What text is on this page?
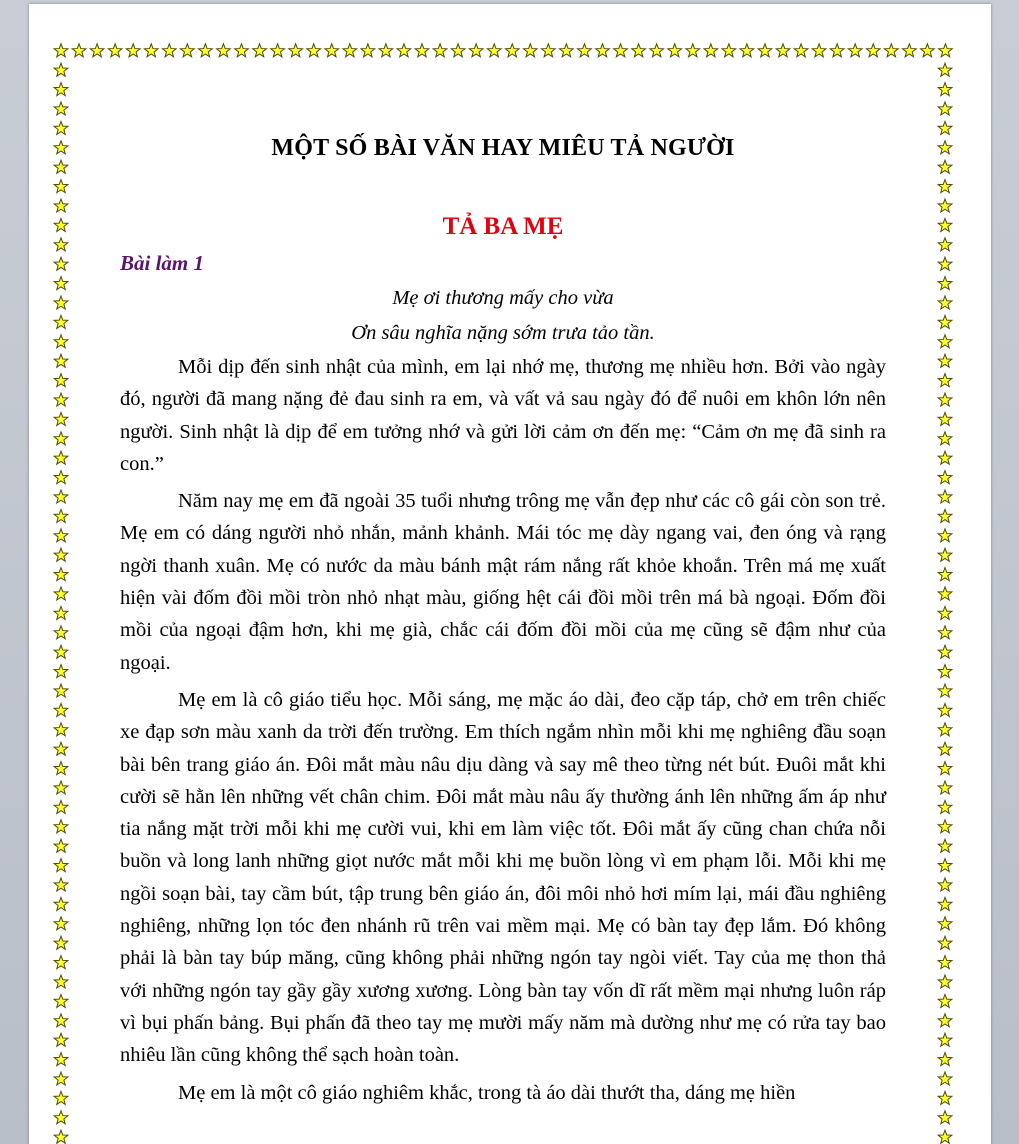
MỘT SỐ BÀI VĂN HAY MIÊU TẢ NGƯỜI
TẢ BA MẸ
Bài làm 1

Mẹ ơi thương mấy cho vừa

Ơn sâu nghĩa nặng sớm trưa tảo tần.

Mỗi dịp đến sinh nhật của mình, em lại nhớ mẹ, thương mẹ nhiều hơn. Bởi vào ngày đó, người đã mang nặng đẻ đau sinh ra em, và vất vả sau ngày đó để nuôi em khôn lớn nên người. Sinh nhật là dịp để em tưởng nhớ và gửi lời cảm ơn đến mẹ: “Cảm ơn mẹ đã sinh ra con.”

Năm nay mẹ em đã ngoài 35 tuổi nhưng trông mẹ vẫn đẹp như các cô gái còn son trẻ. Mẹ em có dáng người nhỏ nhắn, mảnh khảnh. Mái tóc mẹ dày ngang vai, đen óng và rạng ngời thanh xuân. Mẹ có nước da màu bánh mật rám nắng rất khỏe khoắn. Trên má mẹ xuất hiện vài đốm đồi mồi tròn nhỏ nhạt màu, giống hệt cái đồi mồi trên má bà ngoại. Đốm đồi mồi của ngoại đậm hơn, khi mẹ già, chắc cái đốm đồi mồi của mẹ cũng sẽ đậm như của ngoại.

Mẹ em là cô giáo tiểu học. Mỗi sáng, mẹ mặc áo dài, đeo cặp táp, chở em trên chiếc xe đạp sơn màu xanh da trời đến trường. Em thích ngắm nhìn mỗi khi mẹ nghiêng đầu soạn bài bên trang giáo án. Đôi mắt màu nâu dịu dàng và say mê theo từng nét bút. Đuôi mắt khi cười sẽ hằn lên những vết chân chim. Đôi mắt màu nâu ấy thường ánh lên những ấm áp như tia nắng mặt trời mỗi khi mẹ cười vui, khi em làm việc tốt. Đôi mắt ấy cũng chan chứa nỗi buồn và long lanh những giọt nước mắt mỗi khi mẹ buồn lòng vì em phạm lỗi. Mỗi khi mẹ ngồi soạn bài, tay cầm bút, tập trung bên giáo án, đôi môi nhỏ hơi mím lại, mái đầu nghiêng nghiêng, những lọn tóc đen nhánh rũ trên vai mềm mại. Mẹ có bàn tay đẹp lắm. Đó không phải là bàn tay búp măng, cũng không phải những ngón tay ngòi viết. Tay của mẹ thon thả với những ngón tay gầy gầy xương xương. Lòng bàn tay vốn dĩ rất mềm mại nhưng luôn ráp vì bụi phấn bảng. Bụi phấn đã theo tay mẹ mười mấy năm mà dường như mẹ có rửa tay bao nhiêu lần cũng không thể sạch hoàn toàn.

Mẹ em là một cô giáo nghiêm khắc, trong tà áo dài thướt tha, dáng mẹ hiền
